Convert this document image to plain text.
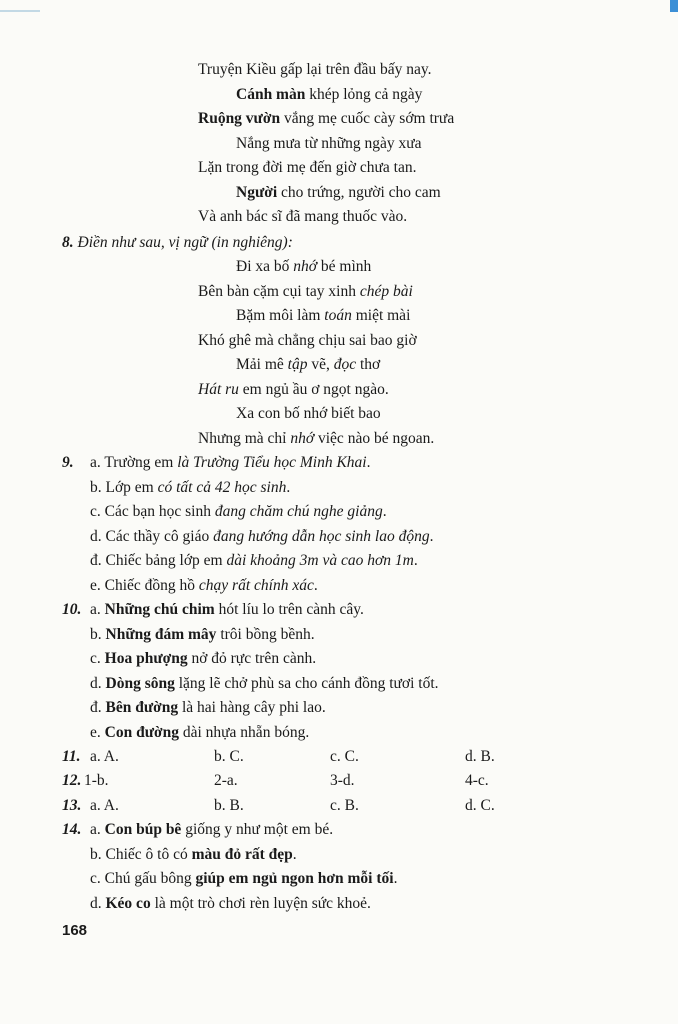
Truyện Kiều gấp lại trên đầu bấy nay.
Cánh màn khép lỏng cả ngày
Ruộng vườn vắng mẹ cuốc cày sớm trưa
Nắng mưa từ những ngày xưa
Lặn trong đời mẹ đến giờ chưa tan.
Người cho trứng, người cho cam
Và anh bác sĩ đã mang thuốc vào.
8. Điền như sau, vị ngữ (in nghiêng):
Đi xa bố nhớ bé mình
Bên bàn cặm cụi tay xinh chép bài
Bặm môi làm toán miệt mài
Khó ghê mà chẳng chịu sai bao giờ
Mải mê tập vẽ, đọc thơ
Hát ru em ngủ ầu ơ ngọt ngào.
Xa con bố nhớ biết bao
Nhưng mà chỉ nhớ việc nào bé ngoan.
9. a. Trường em là Trường Tiểu học Minh Khai.
b. Lớp em có tất cả 42 học sinh.
c. Các bạn học sinh đang chăm chú nghe giảng.
d. Các thầy cô giáo đang hướng dẫn học sinh lao động.
đ. Chiếc bảng lớp em dài khoảng 3m và cao hơn 1m.
e. Chiếc đồng hồ chạy rất chính xác.
10. a. Những chú chim hót líu lo trên cành cây.
b. Những đám mây trôi bồng bềnh.
c. Hoa phượng nở đỏ rực trên cành.
d. Dòng sông lặng lẽ chở phù sa cho cánh đồng tươi tốt.
đ. Bên đường là hai hàng cây phi lao.
e. Con đường dài nhựa nhẵn bóng.
11. a. A.	b. C.	c. C.	d. B.
12. 1-b.	2-a.	3-d.	4-c.
13. a. A.	b. B.	c. B.	d. C.
14. a. Con búp bê giống y như một em bé.
b. Chiếc ô tô có màu đỏ rất đẹp.
c. Chú gấu bông giúp em ngủ ngon hơn mỗi tối.
d. Kéo co là một trò chơi rèn luyện sức khoẻ.
168
